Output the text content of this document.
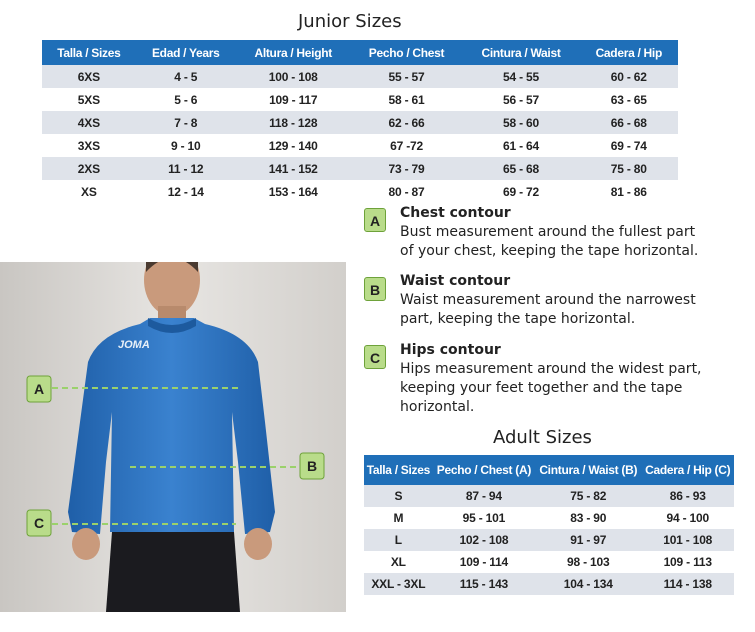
Junior Sizes
Talla / Sizes	Edad / Years	Altura / Height	Pecho / Chest	Cintura / Waist	Cadera / Hip
6XS	4 - 5	100 - 108	55 - 57	54 - 55	60 - 62
5XS	5 - 6	109 - 117	58 - 61	56 - 57	63 - 65
4XS	7 - 8	118 - 128	62 - 66	58 - 60	66 - 68
3XS	9 - 10	129 - 140	67 -72	61 - 64	69 - 74
2XS	11 - 12	141 - 152	73 - 79	65 - 68	75 - 80
XS	12 - 14	153 - 164	80 - 87	69 - 72	81 - 86
A	Chest contour
Bust measurement around the fullest part
of your chest, keeping the tape horizontal.
B
Waist contour
Waist measurement around the narrowest
part, keeping the tape horizontal.
C	Hips contour
Hips measurement around the widest part,
keeping your feet together and the tape
horizontal.
JOMA
A
B
C
Adult Sizes
Talla / Sizes	Pecho / Chest (A)	Cintura / Waist (B)	Cadera / Hip (C)
S	87 - 94	75 - 82	86 - 93
M	95 - 101	83 - 90	94 - 100
L	102 - 108	91 - 97	101 - 108
XL	109 - 114	98 - 103	109 - 113
XXL - 3XL	115 - 143	104 - 134	114 - 138
